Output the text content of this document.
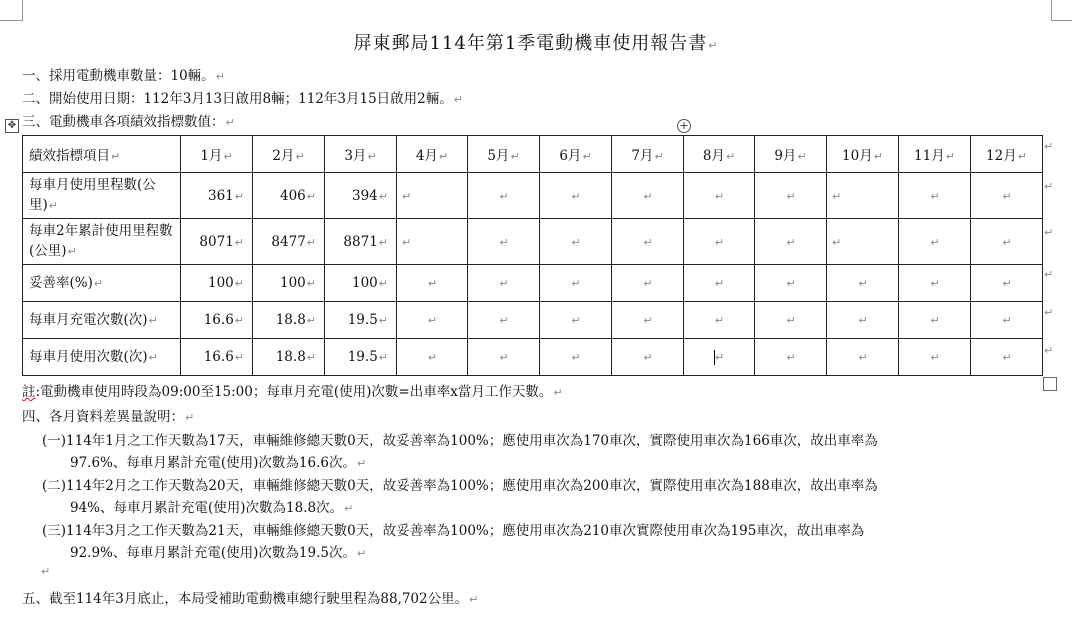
屏東郵局114年第1季電動機車使用報告書↵
一、採用電動機車數量：10輛。↵
二、開始使用日期：112年3月13日啟用8輛；112年3月15日啟用2輛。↵
三、電動機車各項績效指標數值：↵
✥	+
績效指標項目↵	1月↵	2月↵	3月↵	4月↵	5月↵	6月↵	7月↵	8月↵	9月↵	10月↵	11月↵	12月↵
每車月使用里程數(公里)↵	361↵	406↵	394↵	↵	↵	↵	↵	↵	↵	↵	↵	↵
每車2年累計使用里程數(公里)↵	8071↵	8477↵	8871↵	↵	↵	↵	↵	↵	↵	↵	↵	↵
妥善率(%)↵	100↵	100↵	100↵	↵	↵	↵	↵	↵	↵	↵	↵	↵
每車月充電次數(次)↵	16.6↵	18.8↵	19.5↵	↵	↵	↵	↵	↵	↵	↵	↵	↵
每車月使用次數(次)↵	16.6↵	18.8↵	19.5↵	↵	↵	↵	↵	↵	↵	↵	↵	↵
↵
↵
↵
↵
↵
↵
註:電動機車使用時段為09:00至15:00；每車月充電(使用)次數=出車率x當月工作天數。↵
四、各月資料差異量說明：↵
(一)114年1月之工作天數為17天，車輛維修總天數0天，故妥善率為100%；應使用車次為170車次，實際使用車次為166車次，故出車率為
97.6%、每車月累計充電(使用)次數為16.6次。↵
(二)114年2月之工作天數為20天，車輛維修總天數0天，故妥善率為100%；應使用車次為200車次，實際使用車次為188車次，故出車率為
94%、每車月累計充電(使用)次數為18.8次。↵
(三)114年3月之工作天數為21天，車輛維修總天數0天，故妥善率為100%；應使用車次為210車次實際使用車次為195車次，故出車率為
92.9%、每車月累計充電(使用)次數為19.5次。↵
↵
五、截至114年3月底止，本局受補助電動機車總行駛里程為88,702公里。↵
